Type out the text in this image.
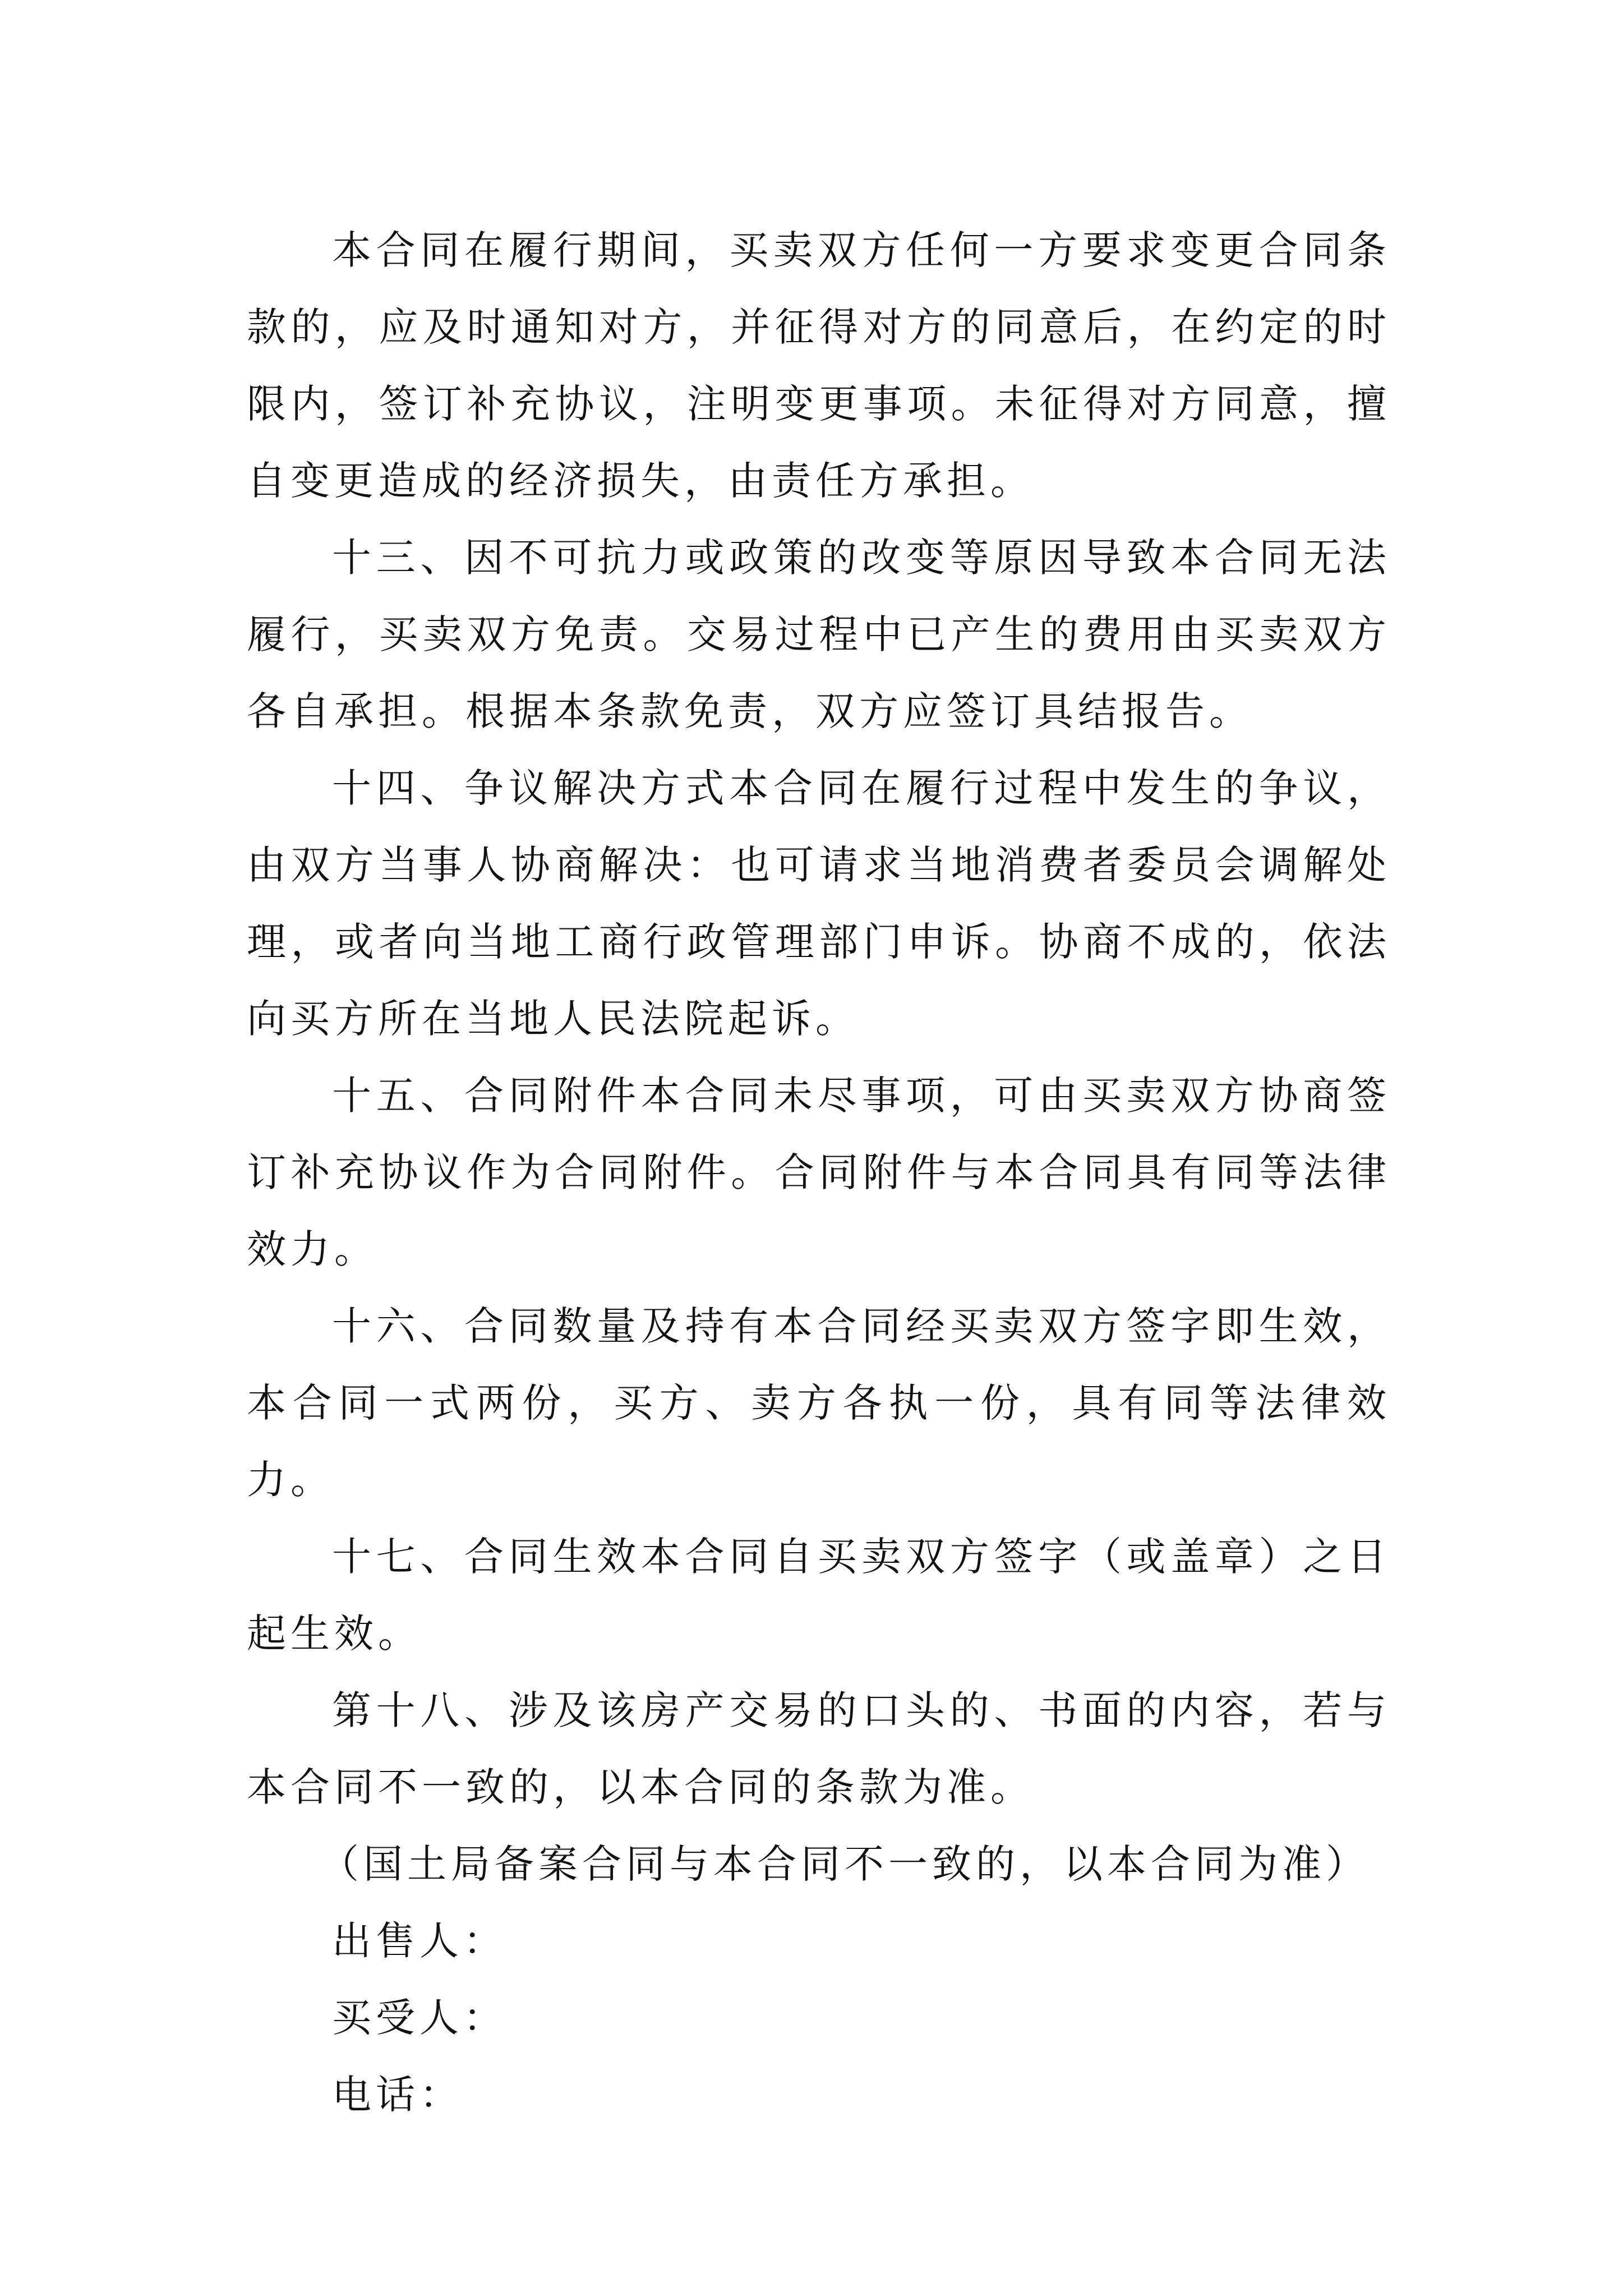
本合同在履行期间，买卖双方任何一方要求变更合同条款的，应及时通知对方，并征得对方的同意后，在约定的时限内，签订补充协议，注明变更事项。未征得对方同意，擅自变更造成的经济损失，由责任方承担。

十三、因不可抗力或政策的改变等原因导致本合同无法履行，买卖双方免责。交易过程中已产生的费用由买卖双方各自承担。根据本条款免责，双方应签订具结报告。

十四、争议解决方式本合同在履行过程中发生的争议，由双方当事人协商解决：也可请求当地消费者委员会调解处理，或者向当地工商行政管理部门申诉。协商不成的，依法向买方所在当地人民法院起诉。

十五、合同附件本合同未尽事项，可由买卖双方协商签订补充协议作为合同附件。合同附件与本合同具有同等法律效力。

十六、合同数量及持有本合同经买卖双方签字即生效，本合同一式两份，买方、卖方各执一份，具有同等法律效力。

十七、合同生效本合同自买卖双方签字（或盖章）之日起生效。

第十八、涉及该房产交易的口头的、书面的内容，若与本合同不一致的，以本合同的条款为准。

（国土局备案合同与本合同不一致的，以本合同为准）

出售人：

买受人：

电话：
